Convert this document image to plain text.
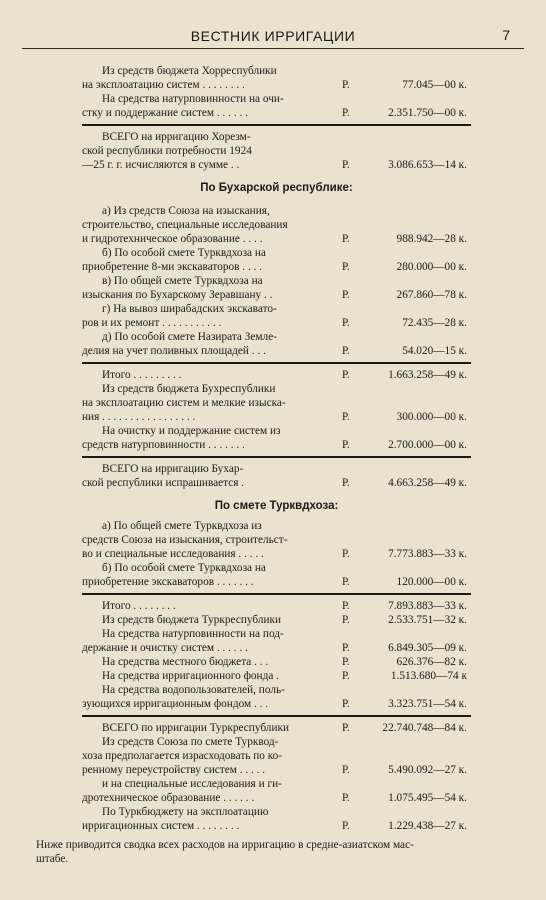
ВЕСТНИК ИРРИГАЦИИ	7
Из средств бюджета Хорреспублики
на эксплоатацию систем . . . . . . . .	Р.	77.045—00 к.
На средства натурповинности на очи-
стку и поддержание систем . . . . . .	Р.	2.351.750—00 к.
ВСЕГО на ирригацию Хорезм-
ской республики потребности 1924
—25 г. г. исчисляются в сумме . .	Р.	3.086.653—14 к.
По Бухарской республике:
а) Из средств Союза на изыскания,
строительство, специальные исследования
и гидротехническое образование . . . .	Р.	988.942—28 к.
б) По особой смете Турквдхоза на
приобретение 8-ми экскаваторов . . . .	Р.	280.000—00 к.
в) По общей смете Турквдхоза на
изыскания по Бухарскому Зеравшану . .	Р.	267.860—78 к.
г) На вывоз ширабадских экскавато-
ров и их ремонт . . . . . . . . . . .	Р.	72.435—28 к.
д) По особой смете Назирата Земле-
делия на учет поливных площадей . . .	Р.	54.020—15 к.
Итого . . . . . . . . .	Р.	1.663.258—49 к.
Из средств бюджета Бухреспублики
на эксплоатацию систем и мелкие изыска-
ния . . . . . . . . . . . . . . . . .	Р.	300.000—00 к.
На очистку и поддержание систем из
средств натурповинности . . . . . . .	Р.	2.700.000—00 к.
ВСЕГО на ирригацию Бухар-
ской республики испрашивается .	Р.	4.663.258—49 к.
По смете Турквдхоза:
а) По общей смете Турквдхоза из
средств Союза на изыскания, строительст-
во и специальные исследования . . . . .	Р.	7.773.883—33 к.
б) По особой смете Турквдхоза на
приобретение экскаваторов . . . . . . .	Р.	120.000—00 к.
Итого . . . . . . . .	Р.	7.893.883—33 к.
Из средств бюджета Туркреспублики	Р.	2.533.751—32 к.
На средства натурповинности на под-
держание и очистку систем . . . . . .	Р.	6.849.305—09 к.
На средства местного бюджета . . .	Р.	626.376—82 к.
На средства ирригационного фонда .	Р.	1.513.680—74 к
На средства водопользователей, поль-
зующихся ирригационным фондом . . .	Р.	3.323.751—54 к.
ВСЕГО по ирригации Туркреспублики	Р.	22.740.748—84 к.
Из средств Союза по смете Турквод-
хоза предполагается израсходовать по ко-
ренному переустройству систем . . . . .	Р.	5.490.092—27 к.
и на специальные исследования и ги-
дротехническое образование . . . . . .	Р.	1.075.495—54 к.
По Туркбюджету на эксплоатацию
ирригационных систем . . . . . . . .	Р.	1.229.438—27 к.
Ниже приводится сводка всех расходов на ирригацию в средне-азиатском мас-
штабе.
